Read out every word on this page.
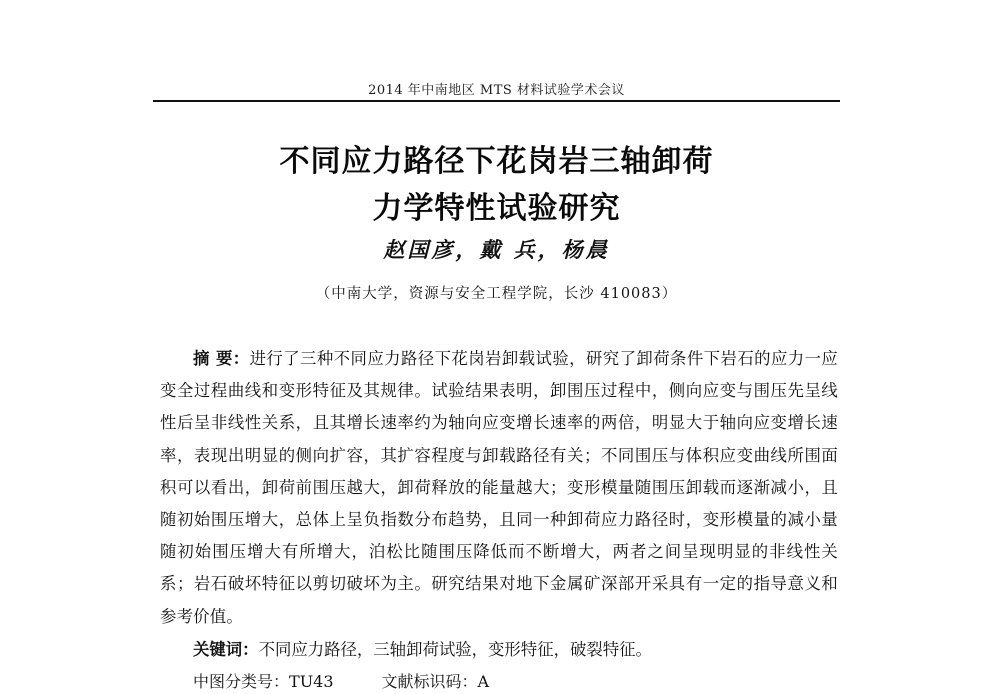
2014 年中南地区 MTS 材料试验学术会议
不同应力路径下花岗岩三轴卸荷
力学特性试验研究
赵国彦，戴 兵，杨晨
（中南大学，资源与安全工程学院，长沙 410083）

摘 要：进行了三种不同应力路径下花岗岩卸载试验，研究了卸荷条件下岩石的应力一应变全过程曲线和变形特征及其规律。试验结果表明，卸围压过程中，侧向应变与围压先呈线性后呈非线性关系，且其增长速率约为轴向应变增长速率的两倍，明显大于轴向应变增长速率，表现出明显的侧向扩容，其扩容程度与卸载路径有关；不同围压与体积应变曲线所围面积可以看出，卸荷前围压越大，卸荷释放的能量越大；变形模量随围压卸载而逐渐减小，且随初始围压增大，总体上呈负指数分布趋势，且同一种卸荷应力路径时，变形模量的减小量随初始围压增大有所增大，泊松比随围压降低而不断增大，两者之间呈现明显的非线性关系；岩石破坏特征以剪切破坏为主。研究结果对地下金属矿深部开采具有一定的指导意义和参考价值。

关键词：不同应力路径，三轴卸荷试验，变形特征，破裂特征。

中图分类号：TU43	文献标识码：A
